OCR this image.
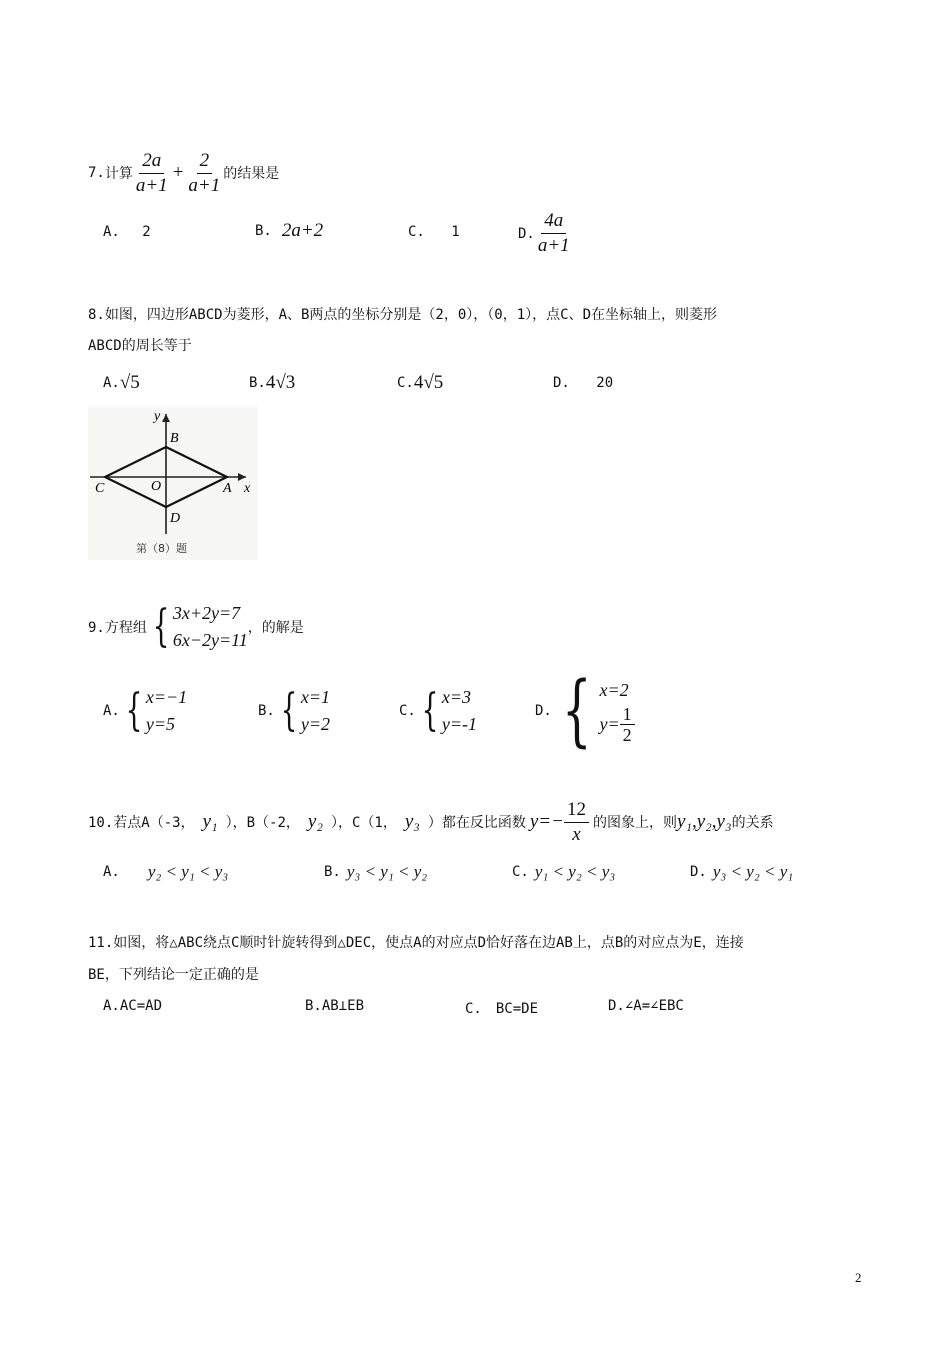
7. 计算 $\frac{2a}{a+1} + \frac{2}{a+1}$ 的结果是
A. 2	B. 2a+2	C. 1	D. $\frac{4a}{a+1}$
8.如图，四边形ABCD为菱形，A、B两点的坐标分别是（2，0），（0，1），点C、D在坐标轴上，则菱形
ABCD的周长等于
A. √5	B. 4√3	C. 4√5	D. 20
y
B
C	O	A x
D
第（8）题
9.方程组 { 3x+2y=7
6x−2y=11
，的解是
A. { x=−1
y=5
B. { x=1
y=2
C. { x=3
y=-1
D. { x=2
$y= \frac{1}{2}$
10.若点A（-3， y₁ ），B（-2， y₂ ），C（1， y₃ ）都在反比函数 $y=- \frac{12}{x}$ 的图象上，则 y₁,y₂,y₃ 的关系
A. y₂ < y₁ < y₃	B. y₃ < y₁ < y₂	C. y₁ < y₂ < y₃	D. y₃ < y₂ < y₁
11.如图，将△ABC绕点C顺时针旋转得到△DEC，使点A的对应点D恰好落在边AB上，点B的对应点为E，连接
BE，下列结论一定正确的是
A.AC=AD	B.AB⊥EB	C.　BC=DE	D.∠A=∠EBC
2
